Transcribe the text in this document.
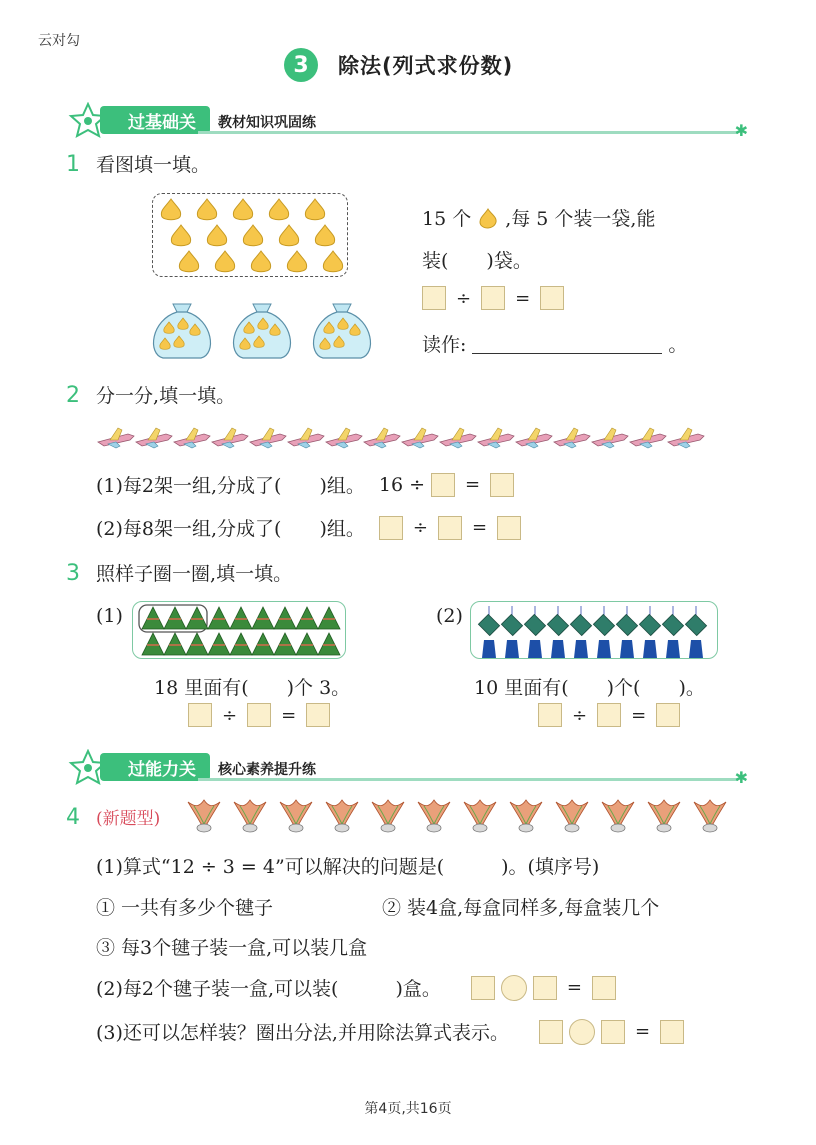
云对勾
3	除法(列式求份数)
过基础关	教材知识巩固练	✱
1 看图填一填。
15 个 ,每 5 个装一袋,能
装(　　)袋。
÷ =
读作:	。
2 分一分,填一填。
(1)每2架一组,分成了(　　)组。 16 ÷ =
(2)每8架一组,分成了(　　)组。	÷ =
3 照样子圈一圈,填一填。
(1)
18 里面有(　　)个 3。
÷ =
(2)
10 里面有(　　)个(　　)。
÷ =
过能力关	核心素养提升练	✱
4 (新题型)
(1)算式“12 ÷ 3 = 4”可以解决的问题是(　　　)。(填序号)
① 一共有多少个毽子	② 装4盒,每盒同样多,每盒装几个
③ 每3个毽子装一盒,可以装几盒
(2)每2个毽子装一盒,可以装(　　　)盒。	=
(3)还可以怎样装？圈出分法,并用除法算式表示。	=
第4页,共16页
